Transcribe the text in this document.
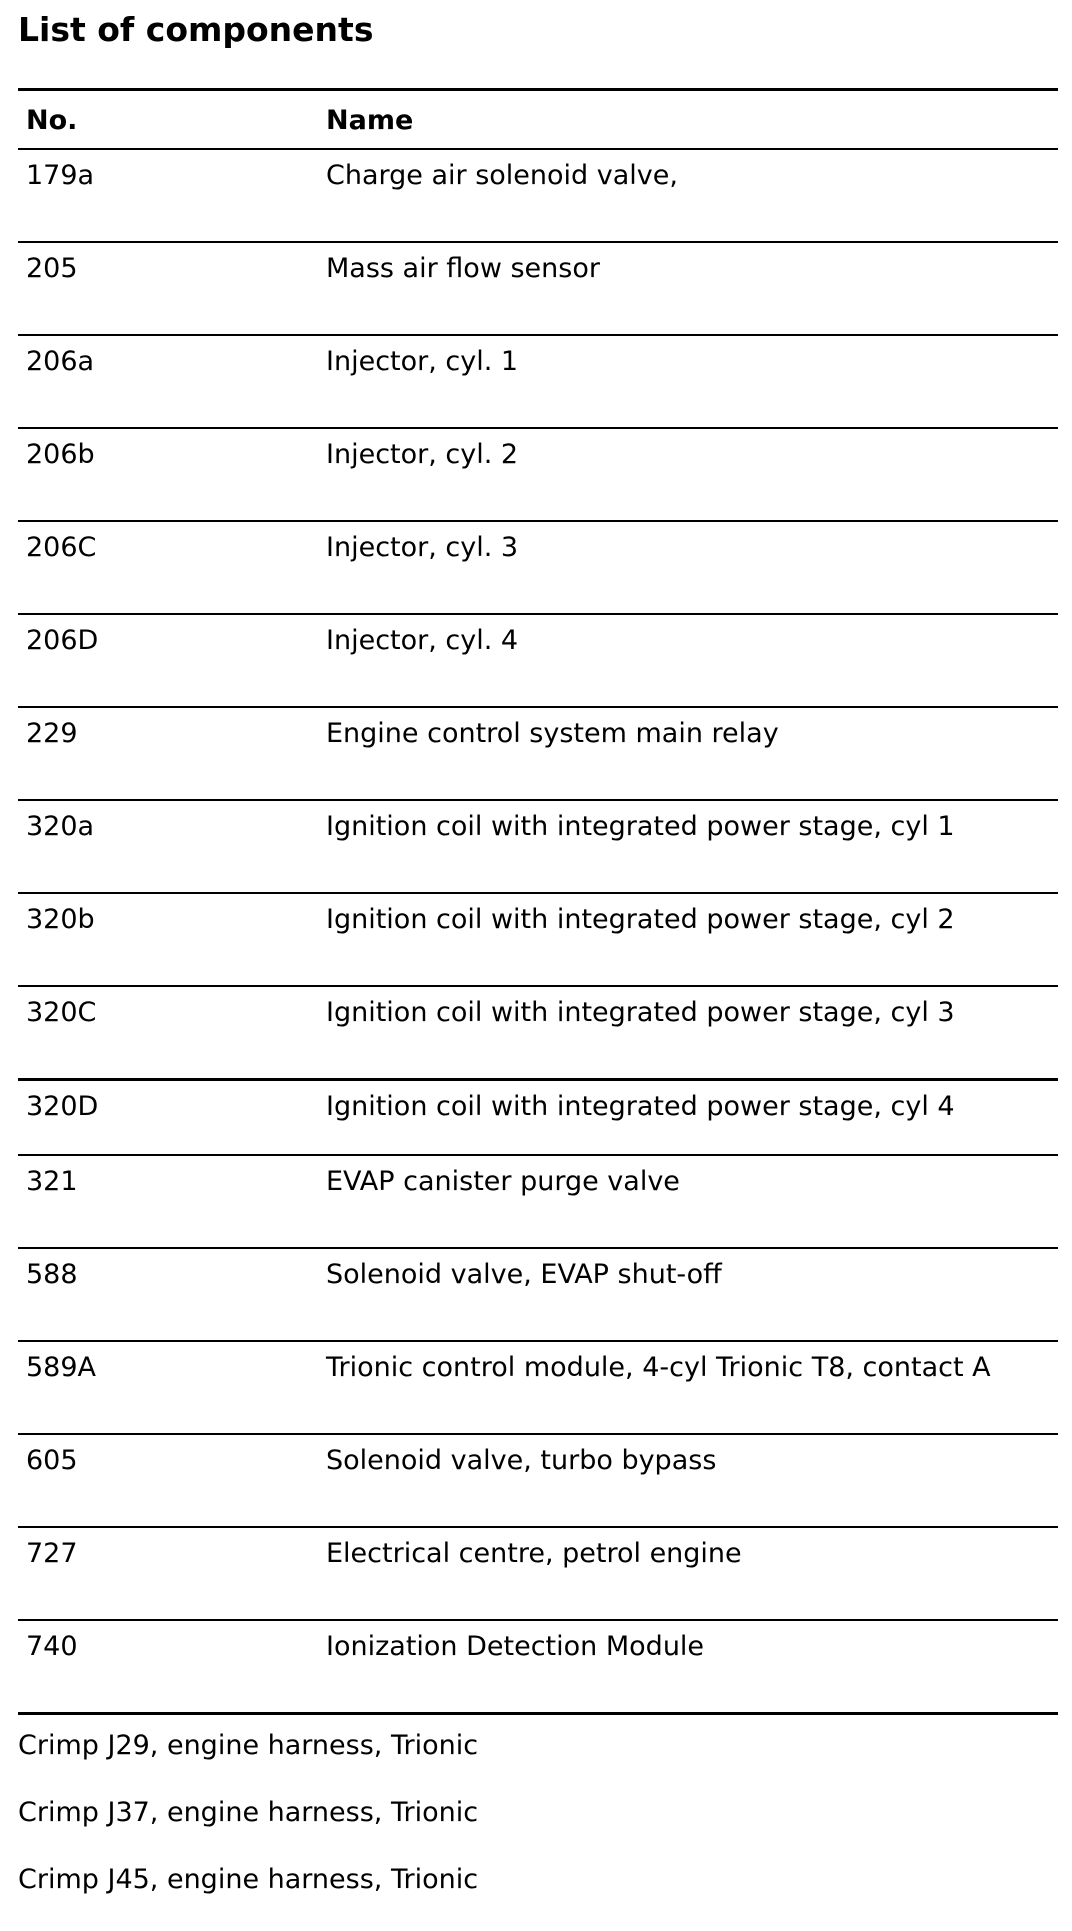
List of components
No.	Name
179a	Charge air solenoid valve,
205	Mass air flow sensor
206a	Injector, cyl. 1
206b	Injector, cyl. 2
206C	Injector, cyl. 3
206D	Injector, cyl. 4
229	Engine control system main relay
320a	Ignition coil with integrated power stage, cyl 1
320b	Ignition coil with integrated power stage, cyl 2
320C	Ignition coil with integrated power stage, cyl 3
320D	Ignition coil with integrated power stage, cyl 4
321	EVAP canister purge valve
588	Solenoid valve, EVAP shut-off
589A	Trionic control module, 4-cyl Trionic T8, contact A
605	Solenoid valve, turbo bypass
727	Electrical centre, petrol engine
740	Ionization Detection Module
Crimp J29, engine harness, Trionic
Crimp J37, engine harness, Trionic
Crimp J45, engine harness, Trionic
